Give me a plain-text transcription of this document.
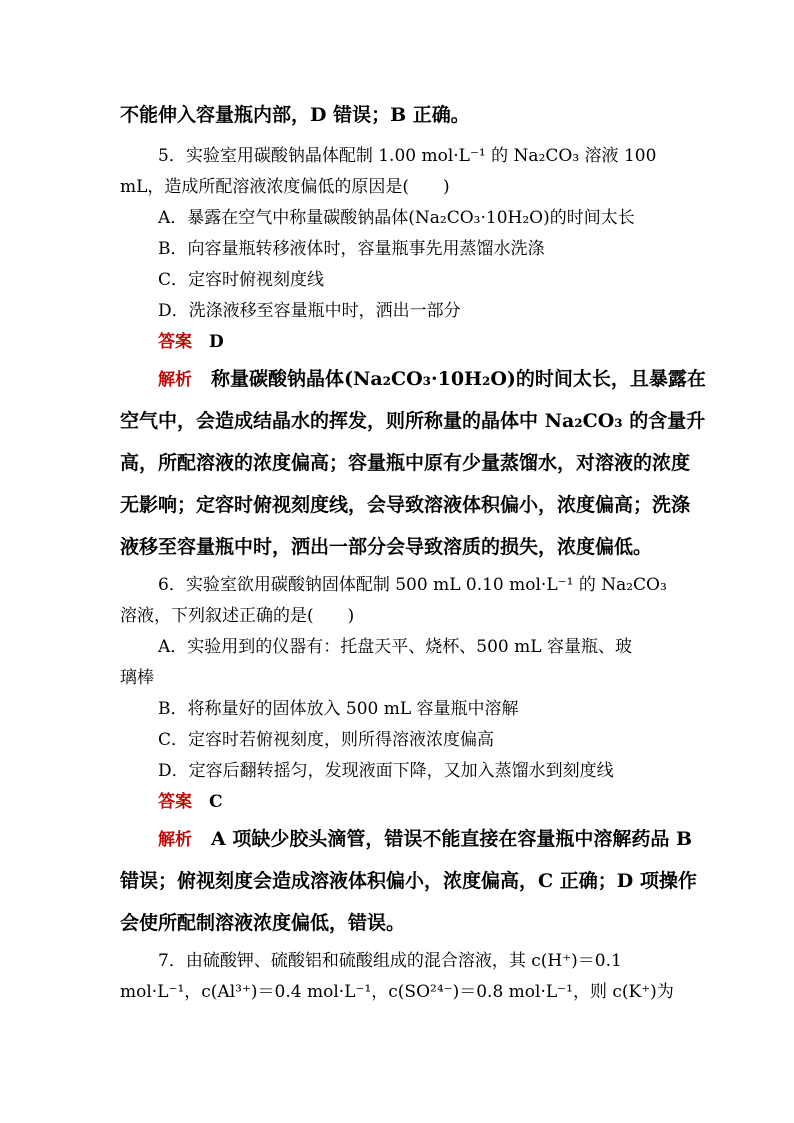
不能伸入容量瓶内部，D 错误；B 正确。
5．实验室用碳酸钠晶体配制 1.00 mol·L⁻¹ 的 Na₂CO₃ 溶液 100
mL，造成所配溶液浓度偏低的原因是(　　)
A．暴露在空气中称量碳酸钠晶体(Na₂CO₃·10H₂O)的时间太长
B．向容量瓶转移液体时，容量瓶事先用蒸馏水洗涤
C．定容时俯视刻度线
D．洗涤液移至容量瓶中时，洒出一部分
答案　 D
解析　 称量碳酸钠晶体(Na₂CO₃·10H₂O)的时间太长，且暴露在
空气中，会造成结晶水的挥发，则所称量的晶体中 Na₂CO₃ 的含量升
高，所配溶液的浓度偏高；容量瓶中原有少量蒸馏水，对溶液的浓度
无影响；定容时俯视刻度线，会导致溶液体积偏小，浓度偏高；洗涤
液移至容量瓶中时，洒出一部分会导致溶质的损失，浓度偏低。
6．实验室欲用碳酸钠固体配制 500 mL 0.10 mol·L⁻¹ 的 Na₂CO₃
溶液，下列叙述正确的是(　　)
A．实验用到的仪器有：托盘天平、烧杯、500 mL 容量瓶、玻
璃棒
B．将称量好的固体放入 500 mL 容量瓶中溶解
C．定容时若俯视刻度，则所得溶液浓度偏高
D．定容后翻转摇匀，发现液面下降，又加入蒸馏水到刻度线
答案　 C
解析　 A 项缺少胶头滴管，错误不能直接在容量瓶中溶解药品 B
错误；俯视刻度会造成溶液体积偏小，浓度偏高，C 正确；D 项操作
会使所配制溶液浓度偏低，错误。
7．由硫酸钾、硫酸铝和硫酸组成的混合溶液，其 c(H⁺)＝0.1
mol·L⁻¹，c(Al³⁺)＝0.4 mol·L⁻¹，c(SO²⁴⁻)＝0.8 mol·L⁻¹，则 c(K⁺)为
